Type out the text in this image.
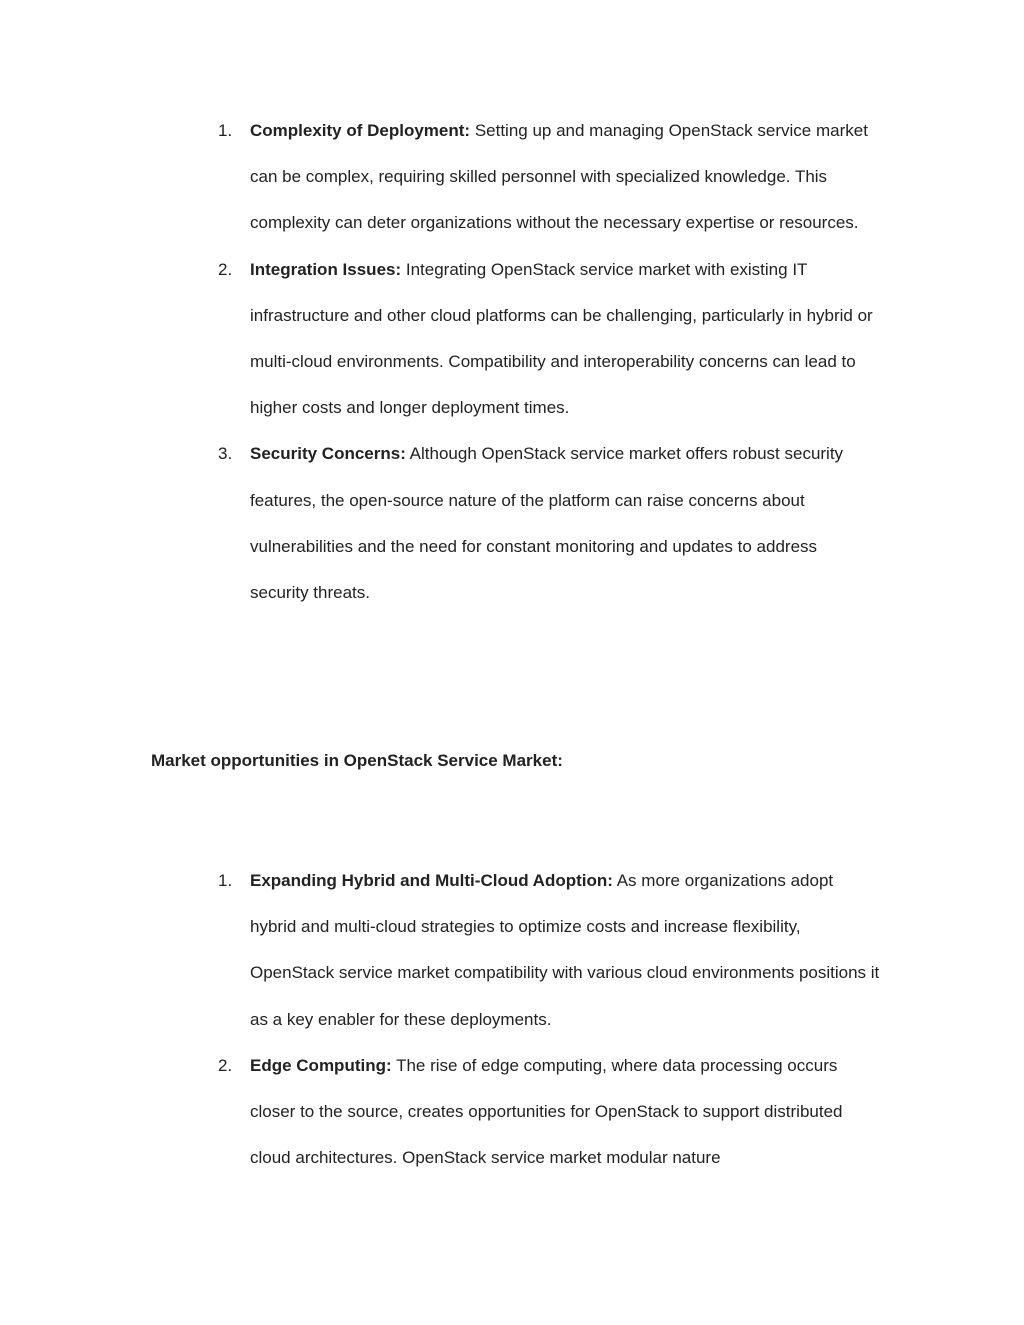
1. Complexity of Deployment: Setting up and managing OpenStack service market can be complex, requiring skilled personnel with specialized knowledge. This complexity can deter organizations without the necessary expertise or resources.
2. Integration Issues: Integrating OpenStack service market with existing IT infrastructure and other cloud platforms can be challenging, particularly in hybrid or multi-cloud environments. Compatibility and interoperability concerns can lead to higher costs and longer deployment times.
3. Security Concerns: Although OpenStack service market offers robust security features, the open-source nature of the platform can raise concerns about vulnerabilities and the need for constant monitoring and updates to address security threats.
Market opportunities in OpenStack Service Market:
1. Expanding Hybrid and Multi-Cloud Adoption: As more organizations adopt hybrid and multi-cloud strategies to optimize costs and increase flexibility, OpenStack service market compatibility with various cloud environments positions it as a key enabler for these deployments.
2. Edge Computing: The rise of edge computing, where data processing occurs closer to the source, creates opportunities for OpenStack to support distributed cloud architectures. OpenStack service market modular nature
